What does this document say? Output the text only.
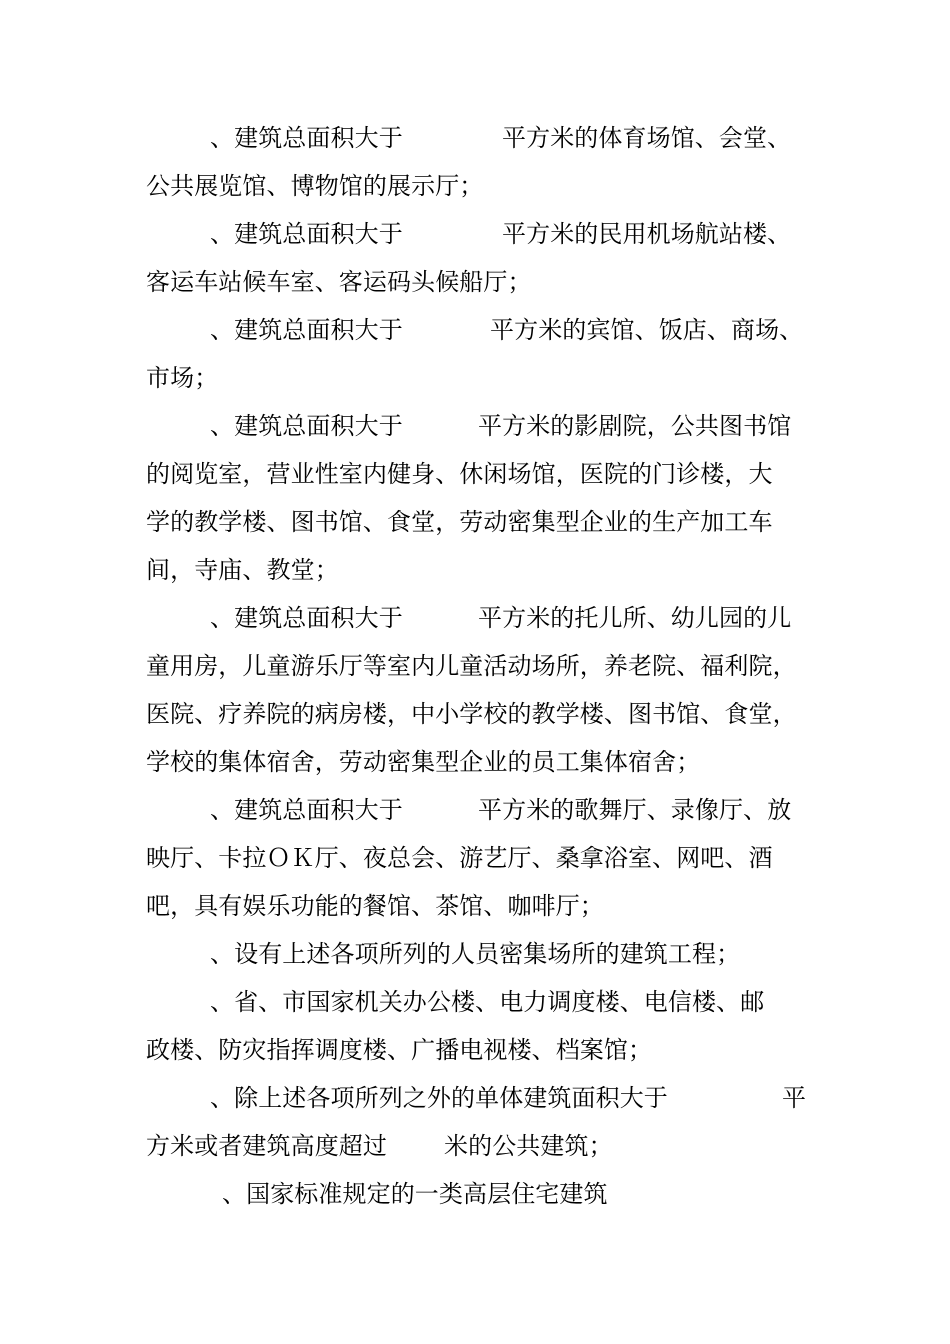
、建筑总面积大于	平方米的体育场馆、会堂、
公共展览馆、博物馆的展示厅；
、建筑总面积大于	平方米的民用机场航站楼、
客运车站候车室、客运码头候船厅；
、建筑总面积大于	平方米的宾馆、饭店、商场、
市场；
、建筑总面积大于	平方米的影剧院，公共图书馆
的阅览室，营业性室内健身、休闲场馆，医院的门诊楼，大
学的教学楼、图书馆、食堂，劳动密集型企业的生产加工车
间，寺庙、教堂；
、建筑总面积大于	平方米的托儿所、幼儿园的儿
童用房，儿童游乐厅等室内儿童活动场所，养老院、福利院，
医院、疗养院的病房楼，中小学校的教学楼、图书馆、食堂，
学校的集体宿舍，劳动密集型企业的员工集体宿舍；
、建筑总面积大于	平方米的歌舞厅、录像厅、放
映厅、卡拉ＯＫ厅、夜总会、游艺厅、桑拿浴室、网吧、酒
吧，具有娱乐功能的餐馆、茶馆、咖啡厅；
、设有上述各项所列的人员密集场所的建筑工程；
、省、市国家机关办公楼、电力调度楼、电信楼、邮
政楼、防灾指挥调度楼、广播电视楼、档案馆；
、除上述各项所列之外的单体建筑面积大于	平
方米或者建筑高度超过 米的公共建筑；
、国家标准规定的一类高层住宅建筑
